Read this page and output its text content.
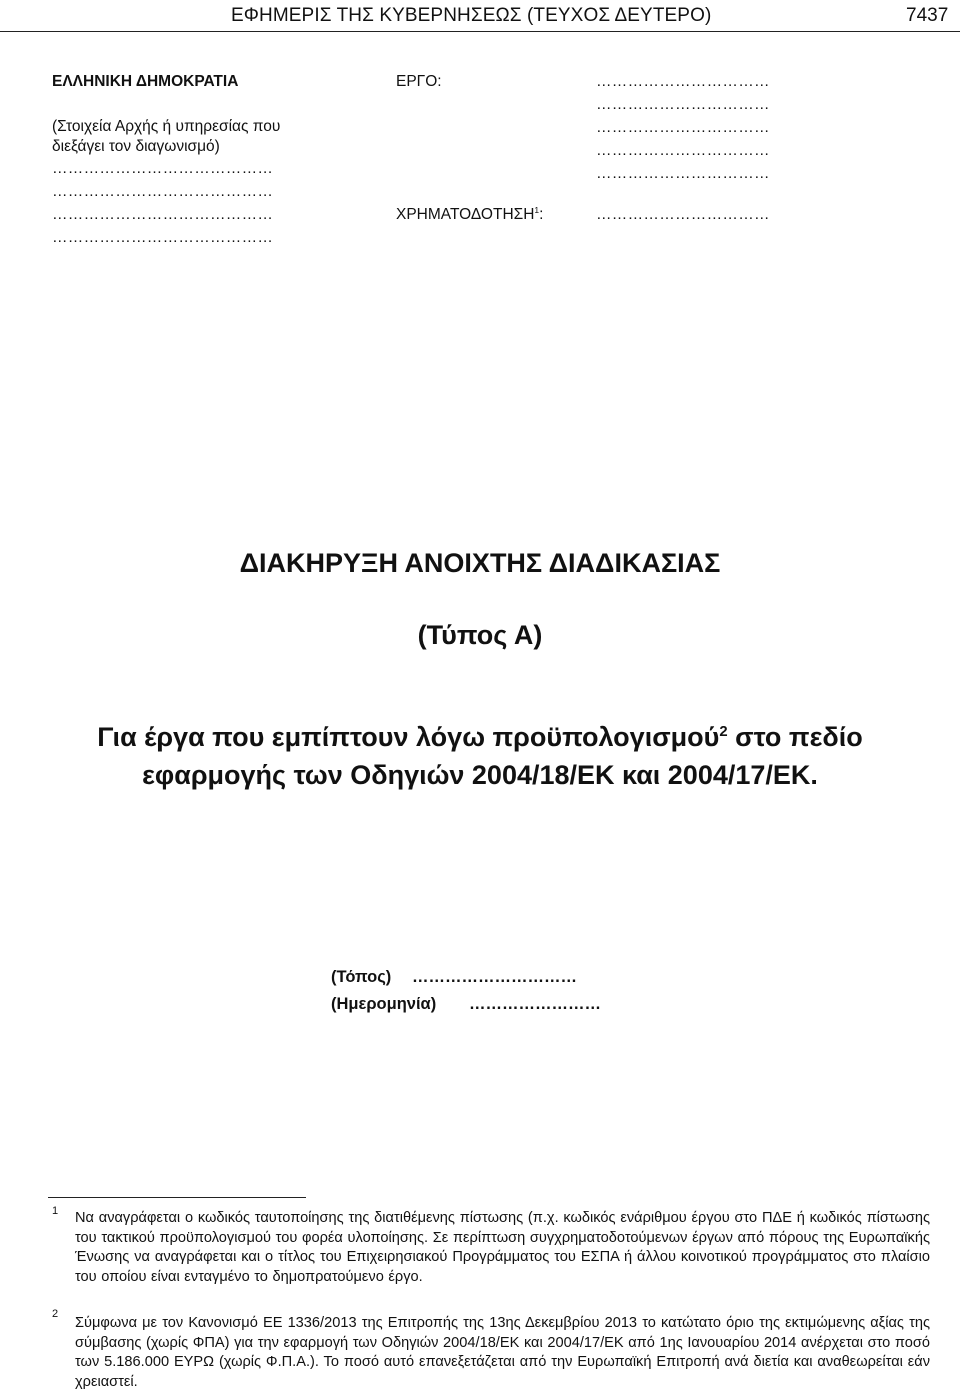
ΕΦΗΜΕΡΙΣ ΤΗΣ ΚΥΒΕΡΝΗΣΕΩΣ (ΤΕΥΧΟΣ ΔΕΥΤΕΡΟ)	7437
ΕΛΛΗΝΙΚΗ ΔΗΜΟΚΡΑΤΙΑ
(Στοιχεία Αρχής ή υπηρεσίας που
διεξάγει τον διαγωνισμό)
……………………………………
……………………………………
……………………………………
……………………………………
ΕΡΓΟ:	……………………………
……………………………
……………………………
……………………………
……………………………
ΧΡΗΜΑΤΟΔΟΤΗΣΗ$^1$:	……………………………
ΔΙΑΚΗΡΥΞΗ ΑΝΟΙΧΤΗΣ ΔΙΑΔΙΚΑΣΙΑΣ
(Τύπος Α)
Για έργα που εμπίπτουν λόγω προϋπολογισμού$^2$ στο πεδίο
εφαρμογής των Οδηγιών 2004/18/ΕΚ και 2004/17/ΕΚ.
(Τόπος) …………………………
(Ημερομηνία) ……………………
1 Να αναγράφεται ο κωδικός ταυτοποίησης της διατιθέμενης πίστωσης (π.χ. κωδικός ενάριθμου έργου στο ΠΔΕ ή κωδικός πίστωσης του τακτικού προϋπολογισμού του φορέα υλοποίησης. Σε περίπτωση συγχρηματοδοτούμενων έργων από πόρους της Ευρωπαϊκής Ένωσης να αναγράφεται και ο τίτλος του Επιχειρησιακού Προγράμματος του ΕΣΠΑ ή άλλου κοινοτικού προγράμματος στο πλαίσιο του οποίου είναι ενταγμένο το δημοπρατούμενο έργο.
2
Σύμφωνα με τον Κανονισμό ΕΕ 1336/2013 της Επιτροπής της 13ης Δεκεμβρίου 2013 το κατώτατο όριο της εκτιμώμενης αξίας της σύμβασης (χωρίς ΦΠΑ) για την εφαρμογή των Οδηγιών 2004/18/ΕΚ και 2004/17/ΕΚ από 1ης Ιανουαρίου 2014 ανέρχεται στο ποσό των 5.186.000 ΕΥΡΩ (χωρίς Φ.Π.Α.). Το ποσό αυτό επανεξετάζεται από την Ευρωπαϊκή Επιτροπή ανά διετία και αναθεωρείται εάν χρειαστεί.
